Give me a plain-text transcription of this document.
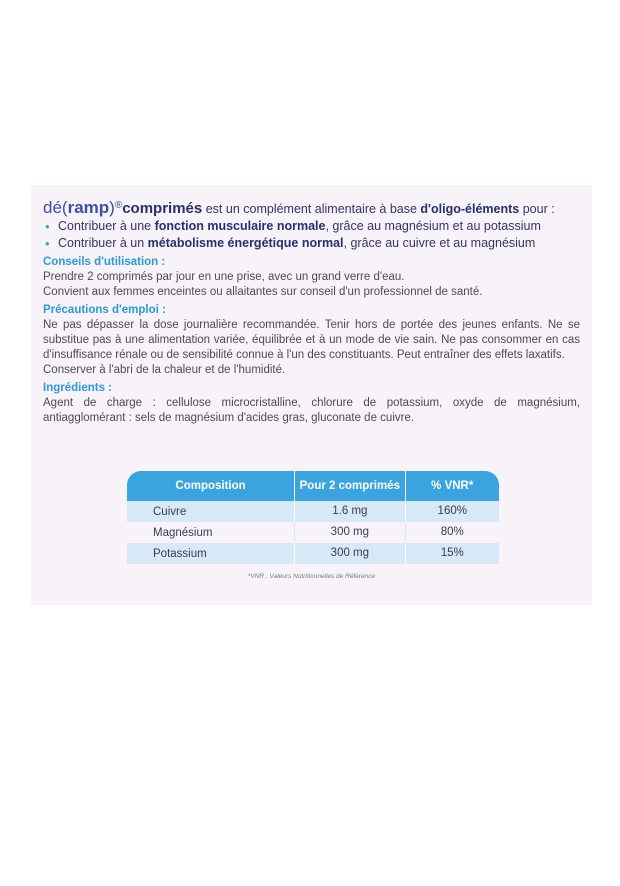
dé(ramp)®comprimés est un complément alimentaire à base d'oligo-éléments pour :
• Contribuer à une fonction musculaire normale, grâce au magnésium et au potassium
• Contribuer à un métabolisme énergétique normal, grâce au cuivre et au magnésium
Conseils d'utilisation :
Prendre 2 comprimés par jour en une prise, avec un grand verre d'eau.
Convient aux femmes enceintes ou allaitantes sur conseil d'un professionnel de santé.
Précautions d'emploi :
Ne pas dépasser la dose journalière recommandée. Tenir hors de portée des jeunes enfants. Ne se substitue pas à une alimentation variée, équilibrée et à un mode de vie sain. Ne pas consommer en cas d'insuffisance rénale ou de sensibilité connue à l'un des constituants. Peut entraîner des effets laxatifs.
Conserver à l'abri de la chaleur et de l'humidité.
Ingrédients :
Agent de charge : cellulose microcristalline, chlorure de potassium, oxyde de magnésium, antiagglomérant : sels de magnésium d'acides gras, gluconate de cuivre.
Composition	Pour 2 comprimés	% VNR*
Cuivre	1.6 mg	160%
Magnésium	300 mg	80%
Potassium	300 mg	15%
*VNR : Valeurs Nutritionnelles de Référence
